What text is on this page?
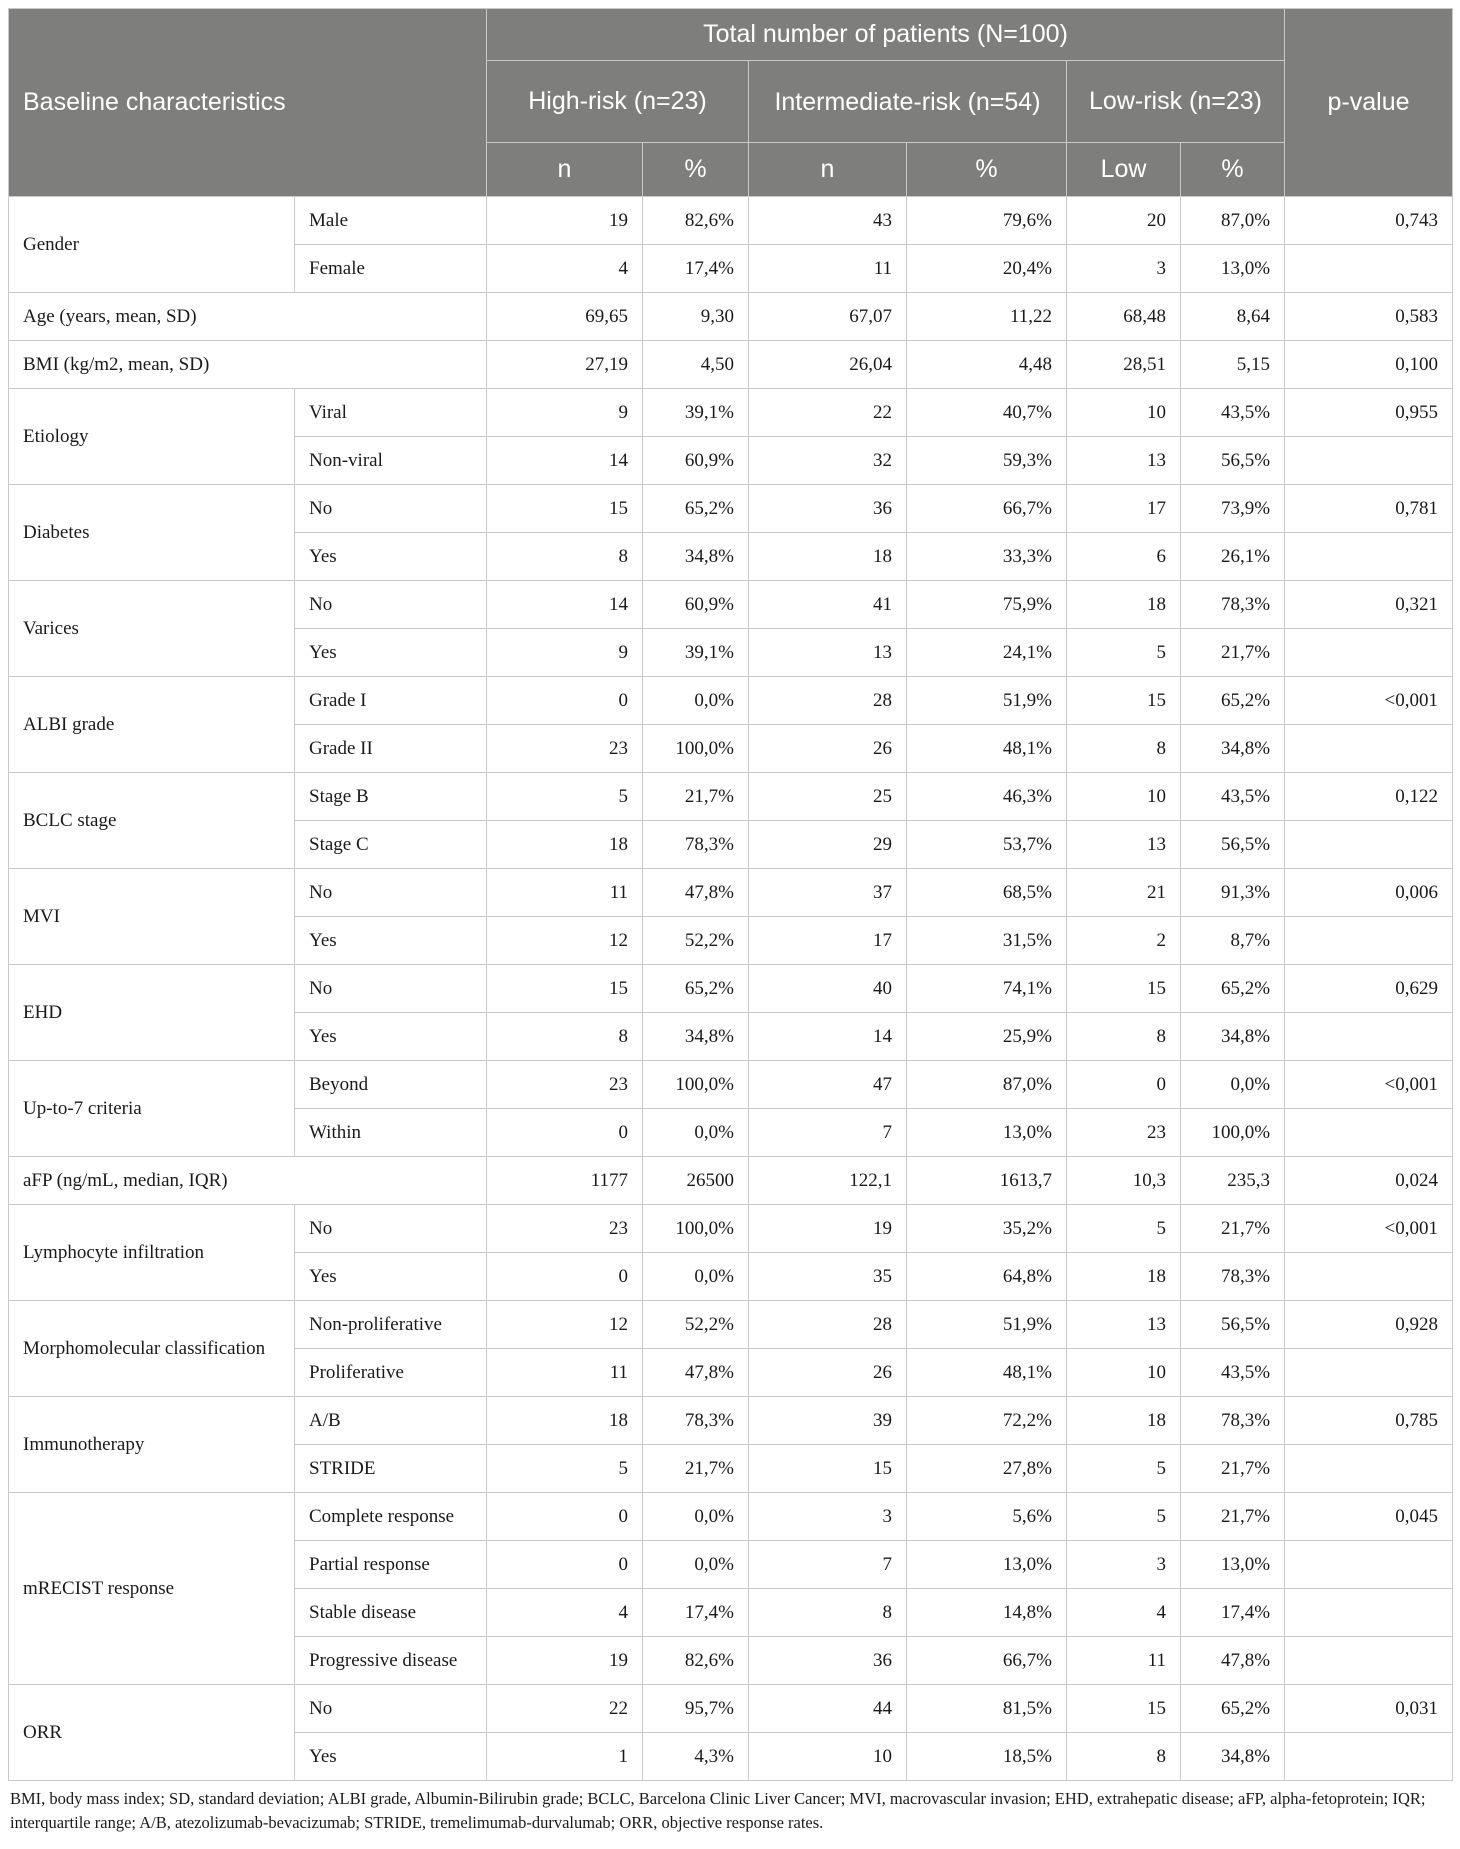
Baseline characteristics		Total number of patients (N=100)						p-value
		High-risk (n=23)		Intermediate-risk (n=54)		Low-risk (n=23)		
		n	%	n	%	Low	%	
Gender	Male	19	82,6%	43	79,6%	20	87,0%	0,743
	Female	4	17,4%	11	20,4%	3	13,0%	
Age (years, mean, SD)		69,65	9,30	67,07	11,22	68,48	8,64	0,583
BMI (kg/m2, mean, SD)		27,19	4,50	26,04	4,48	28,51	5,15	0,100
Etiology	Viral	9	39,1%	22	40,7%	10	43,5%	0,955
	Non-viral	14	60,9%	32	59,3%	13	56,5%	
Diabetes	No	15	65,2%	36	66,7%	17	73,9%	0,781
	Yes	8	34,8%	18	33,3%	6	26,1%	
Varices	No	14	60,9%	41	75,9%	18	78,3%	0,321
	Yes	9	39,1%	13	24,1%	5	21,7%	
ALBI grade	Grade I	0	0,0%	28	51,9%	15	65,2%	<0,001
	Grade II	23	100,0%	26	48,1%	8	34,8%	
BCLC stage	Stage B	5	21,7%	25	46,3%	10	43,5%	0,122
	Stage C	18	78,3%	29	53,7%	13	56,5%	
MVI	No	11	47,8%	37	68,5%	21	91,3%	0,006
	Yes	12	52,2%	17	31,5%	2	8,7%	
EHD	No	15	65,2%	40	74,1%	15	65,2%	0,629
	Yes	8	34,8%	14	25,9%	8	34,8%	
Up-to-7 criteria	Beyond	23	100,0%	47	87,0%	0	0,0%	<0,001
	Within	0	0,0%	7	13,0%	23	100,0%	
aFP (ng/mL, median, IQR)		1177	26500	122,1	1613,7	10,3	235,3	0,024
Lymphocyte infiltration	No	23	100,0%	19	35,2%	5	21,7%	<0,001
	Yes	0	0,0%	35	64,8%	18	78,3%	
Morphomolecular classification	Non-proliferative	12	52,2%	28	51,9%	13	56,5%	0,928
	Proliferative	11	47,8%	26	48,1%	10	43,5%	
Immunotherapy	A/B	18	78,3%	39	72,2%	18	78,3%	0,785
	STRIDE	5	21,7%	15	27,8%	5	21,7%	
mRECIST response	Complete response	0	0,0%	3	5,6%	5	21,7%	0,045
	Partial response	0	0,0%	7	13,0%	3	13,0%	
	Stable disease	4	17,4%	8	14,8%	4	17,4%	
	Progressive disease	19	82,6%	36	66,7%	11	47,8%	
ORR	No	22	95,7%	44	81,5%	15	65,2%	0,031
	Yes	1	4,3%	10	18,5%	8	34,8%	
BMI, body mass index; SD, standard deviation; ALBI grade, Albumin-Bilirubin grade; BCLC, Barcelona Clinic Liver Cancer; MVI, macrovascular invasion; EHD, extrahepatic disease; aFP, alpha-fetoprotein; IQR; interquartile range; A/B, atezolizumab-bevacizumab; STRIDE, tremelimumab-durvalumab; ORR, objective response rates.
